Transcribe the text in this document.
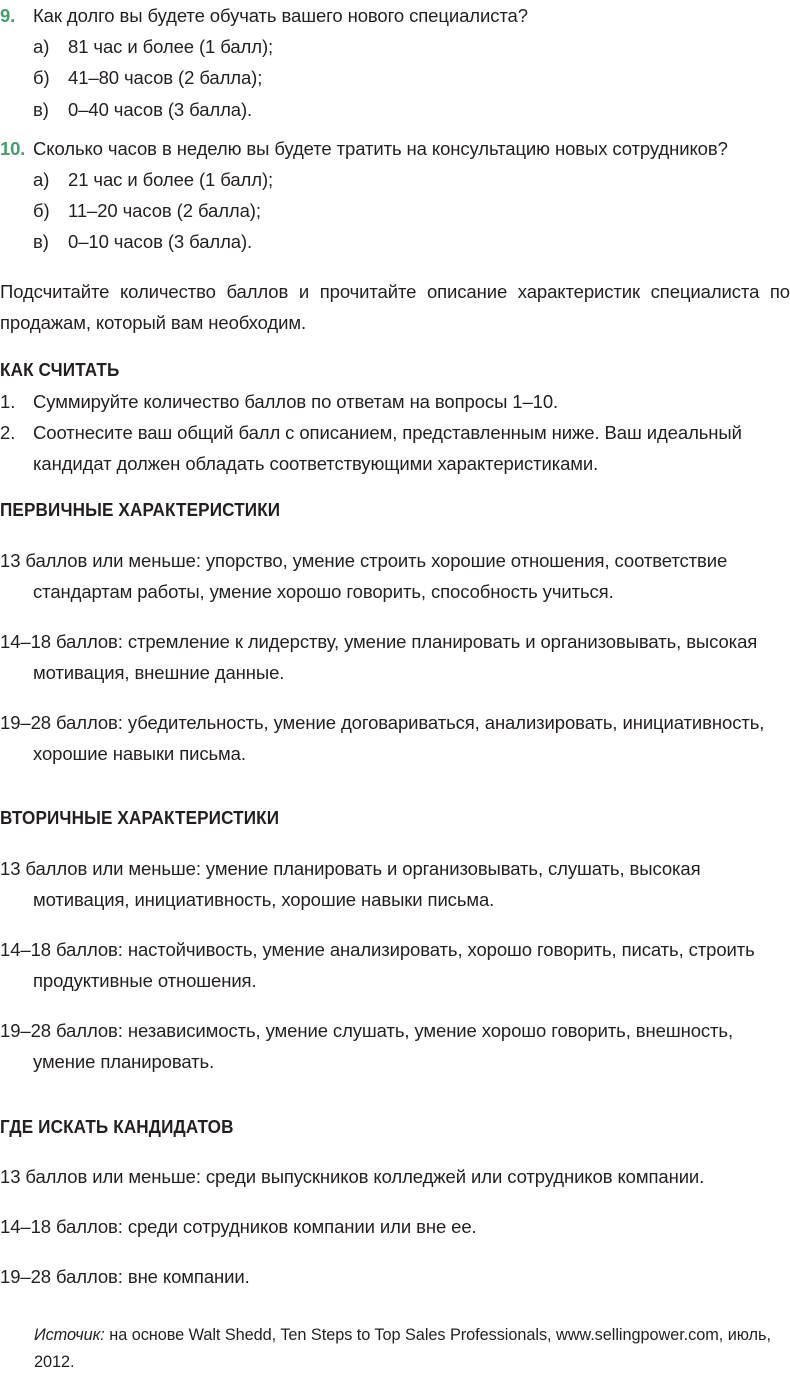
9. Как долго вы будете обучать вашего нового специалиста?
а) 81 час и более (1 балл);
б) 41–80 часов (2 балла);
в) 0–40 часов (3 балла).
10. Сколько часов в неделю вы будете тратить на консультацию новых сотрудников?
а) 21 час и более (1 балл);
б) 11–20 часов (2 балла);
в) 0–10 часов (3 балла).

Подсчитайте количество баллов и прочитайте описание характеристик специалиста по продажам, который вам необходим.

КАК СЧИТАТЬ
1. Суммируйте количество баллов по ответам на вопросы 1–10.
2. Соотнесите ваш общий балл с описанием, представленным ниже. Ваш идеальный кандидат должен обладать соответствующими характеристиками.
ПЕРВИЧНЫЕ ХАРАКТЕРИСТИКИ

13 баллов или меньше: упорство, умение строить хорошие отношения, соответствие стандартам работы, умение хорошо говорить, способность учиться.

14–18 баллов: стремление к лидерству, умение планировать и организовывать, высокая мотивация, внешние данные.

19–28 баллов: убедительность, умение договариваться, анализировать, инициативность, хорошие навыки письма.

ВТОРИЧНЫЕ ХАРАКТЕРИСТИКИ

13 баллов или меньше: умение планировать и организовывать, слушать, высокая мотивация, инициативность, хорошие навыки письма.

14–18 баллов: настойчивость, умение анализировать, хорошо говорить, писать, строить продуктивные отношения.

19–28 баллов: независимость, умение слушать, умение хорошо говорить, внешность, умение планировать.

ГДЕ ИСКАТЬ КАНДИДАТОВ

13 баллов или меньше: среди выпускников колледжей или сотрудников компании.

14–18 баллов: среди сотрудников компании или вне ее.

19–28 баллов: вне компании.

Источик: на основе Walt Shedd, Ten Steps to Top Sales Professionals, www.sellingpower.com, июль, 2012.
